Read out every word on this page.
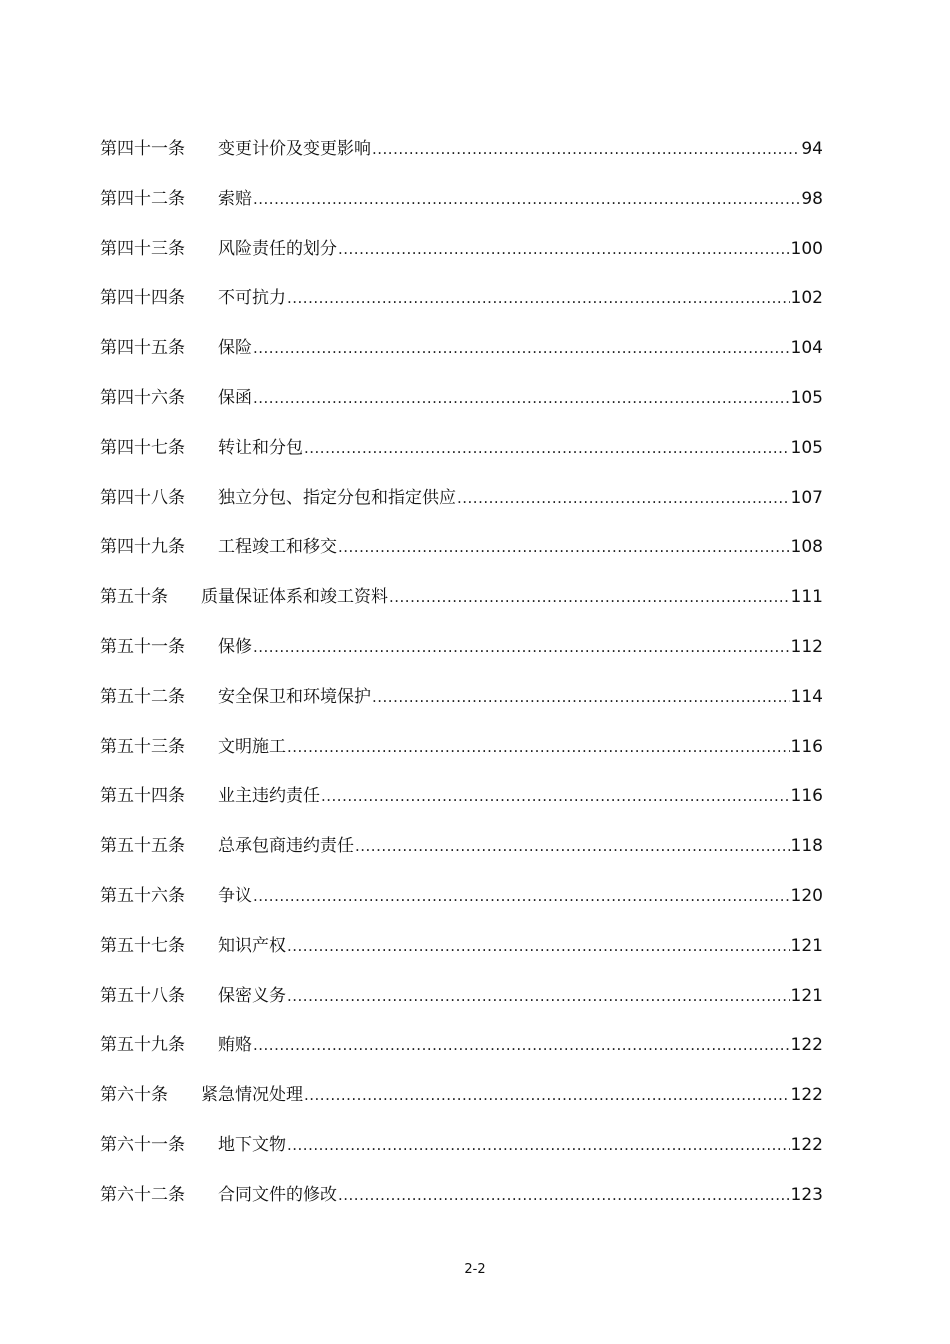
第四十一条	变更计价及变更影响 .....	94
第四十二条	索赔 .....	98
第四十三条	风险责任的划分 .....	100
第四十四条	不可抗力 .....	102
第四十五条	保险 .....	104
第四十六条	保函 .....	105
第四十七条	转让和分包 .....	105
第四十八条	独立分包、指定分包和指定供应 .....	107
第四十九条	工程竣工和移交 .....	108
第五十条	质量保证体系和竣工资料 .....	111
第五十一条	保修 .....	112
第五十二条	安全保卫和环境保护 .....	114
第五十三条	文明施工 .....	116
第五十四条	业主违约责任 .....	116
第五十五条	总承包商违约责任 .....	118
第五十六条	争议 .....	120
第五十七条	知识产权 .....	121
第五十八条	保密义务 .....	121
第五十九条	贿赂 .....	122
第六十条	紧急情况处理 .....	122
第六十一条	地下文物 .....	122
第六十二条	合同文件的修改 .....	123
2-2
